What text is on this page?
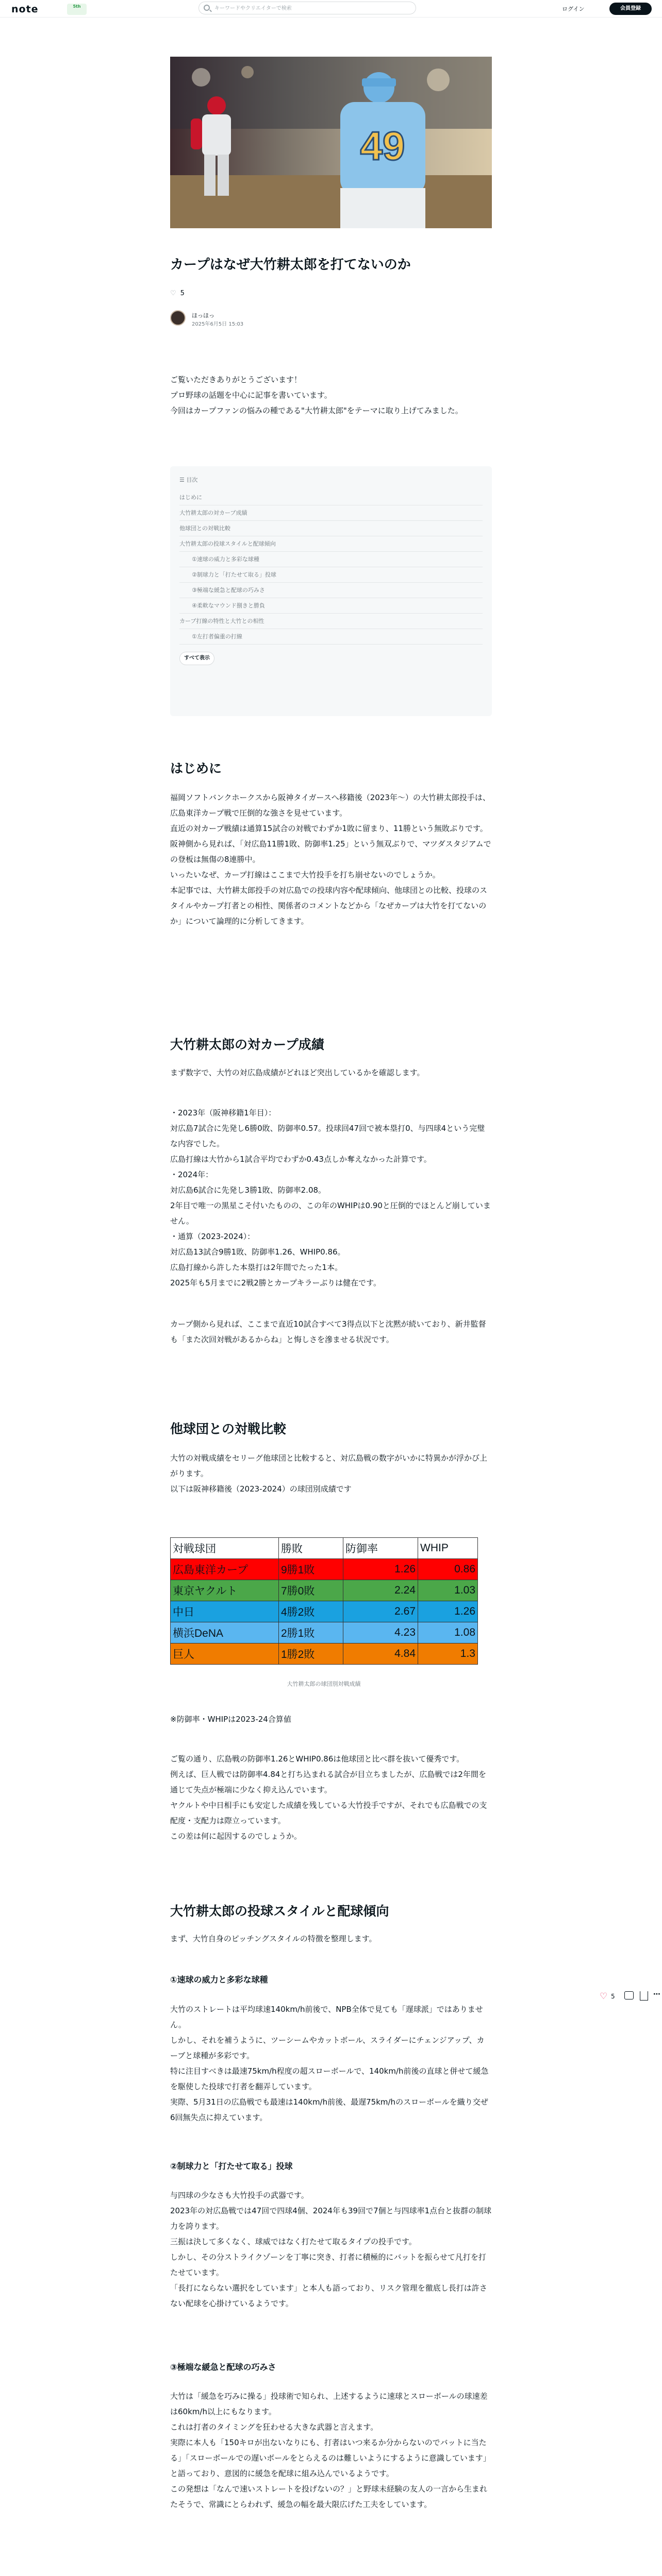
note	5th
キーワードやクリエイターで検索	ログイン	会員登録
49
カープはなぜ大竹耕太郎を打てないのか
♡ 5
ほっほっ
2025年6月5日 15:03
ご覧いただきありがとうございます！
プロ野球の話題を中心に記事を書いています。
今回はカープファンの悩みの種である"大竹耕太郎"をテーマに取り上げてみました。
☰ 目次
はじめに
大竹耕太郎の対カープ成績
他球団との対戦比較
大竹耕太郎の投球スタイルと配球傾向
①速球の威力と多彩な球種
②制球力と「打たせて取る」投球
③極端な緩急と配球の巧みさ
④柔軟なマウンド捌きと勝負
カープ打線の特性と大竹との相性
①左打者偏重の打線
すべて表示
はじめに
福岡ソフトバンクホークスから阪神タイガースへ移籍後（2023年〜）の大竹耕太郎投手は、広島東洋カープ戦で圧倒的な強さを見せています。
直近の対カープ戦績は通算15試合の対戦でわずか1敗に留まり、11勝という無敗ぶりです。
阪神側から見れば、「対広島11勝1敗、防御率1.25」という無双ぶりで、マツダスタジアムでの登板は無傷の8連勝中。
いったいなぜ、カープ打線はここまで大竹投手を打ち崩せないのでしょうか。
本記事では、大竹耕太郎投手の対広島での投球内容や配球傾向、他球団との比較、投球のスタイルやカープ打者との相性、関係者のコメントなどから「なぜカープは大竹を打てないのか」について論理的に分析してきます。
大竹耕太郎の対カープ成績
まず数字で、大竹の対広島成績がどれほど突出しているかを確認します。
・2023年（阪神移籍1年目）：
対広島7試合に先発し6勝0敗、防御率0.57。投球回47回で被本塁打0、与四球4という完璧な内容でした。
広島打線は大竹から1試合平均でわずか0.43点しか奪えなかった計算です。
・2024年：
対広島6試合に先発し3勝1敗、防御率2.08。
2年目で唯一の黒星こそ付いたものの、この年のWHIPは0.90と圧倒的でほとんど崩していません。
・通算（2023-2024）：
対広島13試合9勝1敗、防御率1.26、WHIP0.86。
広島打線から許した本塁打は2年間でたった1本。
2025年も5月までに2戦2勝とカープキラーぶりは健在です。
カープ側から見れば、ここまで直近10試合すべて3得点以下と沈黙が続いており、新井監督も「また次回対戦があるからね」と悔しさを滲ませる状況です。
他球団との対戦比較
大竹の対戦成績をセリーグ他球団と比較すると、対広島戦の数字がいかに特異かが浮かび上がります。
以下は阪神移籍後（2023-2024）の球団別成績です
対戦球団	勝敗	防御率	WHIP
広島東洋カープ	9勝1敗	1.26	0.86
東京ヤクルト	7勝0敗	2.24	1.03
中日	4勝2敗	2.67	1.26
横浜DeNA	2勝1敗	4.23	1.08
巨人	1勝2敗	4.84	1.3
大竹耕太郎の球団別対戦成績
※防御率・WHIPは2023-24合算値
ご覧の通り、広島戦の防御率1.26とWHIP0.86は他球団と比べ群を抜いて優秀です。
例えば、巨人戦では防御率4.84と打ち込まれる試合が目立ちましたが、広島戦では2年間を通じて失点が極端に少なく抑え込んでいます。
ヤクルトや中日相手にも安定した成績を残している大竹投手ですが、それでも広島戦での支配度・支配力は際立っています。
この差は何に起因するのでしょうか。
大竹耕太郎の投球スタイルと配球傾向
まず、大竹自身のピッチングスタイルの特徴を整理します。
①速球の威力と多彩な球種
大竹のストレートは平均球速140km/h前後で、NPB全体で見ても「遅球派」ではありません。
しかし、それを補うように、ツーシームやカットボール、スライダーにチェンジアップ、カーブと球種が多彩です。
特に注目すべきは最速75km/h程度の超スローボールで、140km/h前後の直球と併せて緩急を駆使した投球で打者を翻弄しています。
実際、5月31日の広島戦でも最速は140km/h前後、最遅75km/hのスローボールを織り交ぜ6回無失点に抑えています。
②制球力と「打たせて取る」投球
与四球の少なさも大竹投手の武器です。
2023年の対広島戦では47回で四球4個、2024年も39回で7個と与四球率1点台と抜群の制球力を誇ります。
三振は決して多くなく、球威ではなく打たせて取るタイプの投手です。
しかし、その分ストライクゾーンを丁寧に突き、打者に積極的にバットを振らせて凡打を打たせています。
「長打にならない選択をしています」と本人も語っており、リスク管理を徹底し長打は許さない配球を心掛けているようです。
③極端な緩急と配球の巧みさ
大竹は「緩急を巧みに操る」投球術で知られ、上述するように速球とスローボールの球速差は60km/h以上にもなります。
これは打者のタイミングを狂わせる大きな武器と言えます。
実際に本人も「150キロが出ないなりにも、打者はいつ来るか分からないのでバットに当たる」「スローボールでの遅いボールをとらえるのは難しいようにするように意識しています」と語っており、意図的に緩急を配球に組み込んでいるようです。
この発想は「なんで速いストレートを投げないの？」と野球未経験の友人の一言から生まれたそうで、常識にとらわれず、緩急の幅を最大限広げた工夫をしています。
♡ 5	⋯
